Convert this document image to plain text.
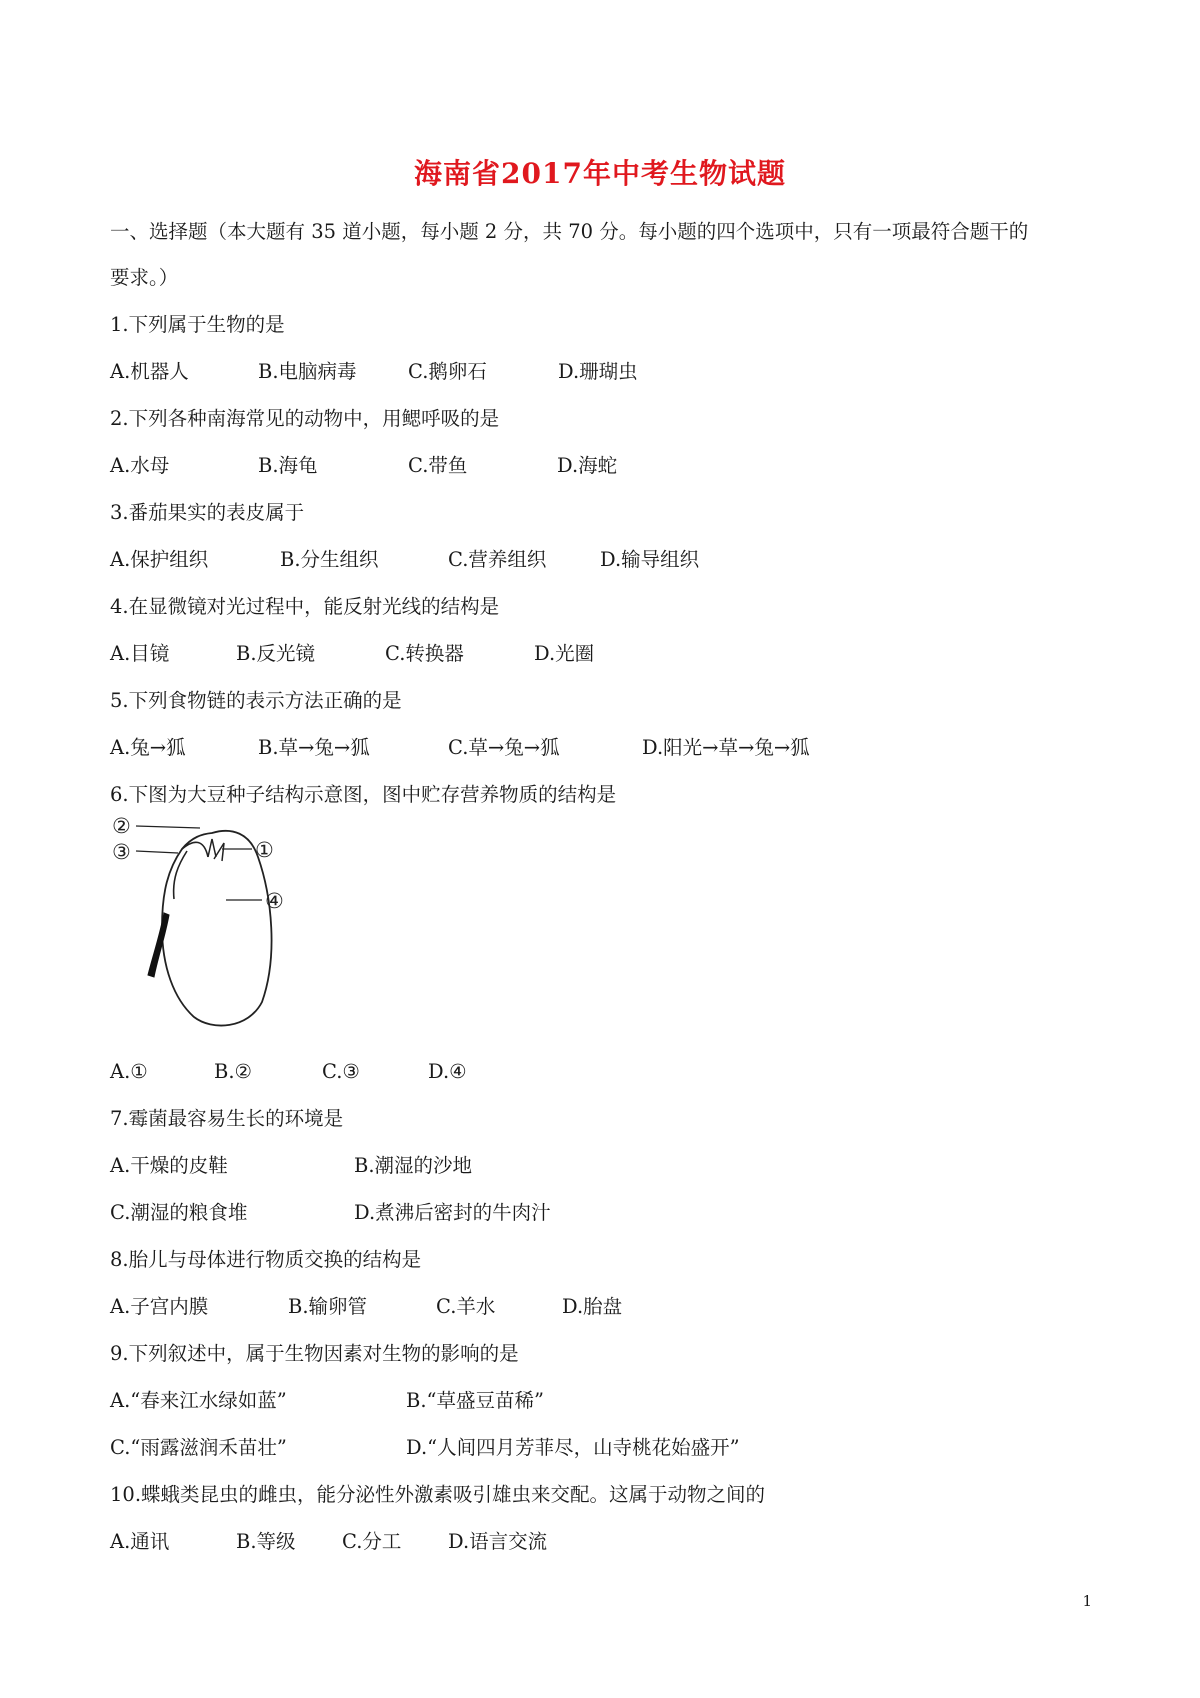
海南省2017年中考生物试题
一、选择题（本大题有 35 道小题，每小题 2 分，共 70 分。每小题的四个选项中，只有一项最符合题干的
要求。）
1.下列属于生物的是
A.机器人	B.电脑病毒	C.鹅卵石	D.珊瑚虫
2.下列各种南海常见的动物中，用鳃呼吸的是
A.水母	B.海龟	C.带鱼	D.海蛇
3.番茄果实的表皮属于
A.保护组织	B.分生组织	C.营养组织	D.输导组织
4.在显微镜对光过程中，能反射光线的结构是
A.目镜	B.反光镜	C.转换器	D.光圈
5.下列食物链的表示方法正确的是
A.兔→狐	B.草→兔→狐	C.草→兔→狐	D.阳光→草→兔→狐
6.下图为大豆种子结构示意图，图中贮存营养物质的结构是
②
③	①
④
A.①	B.②	C.③	D.④
7.霉菌最容易生长的环境是
A.干燥的皮鞋	B.潮湿的沙地
C.潮湿的粮食堆	D.煮沸后密封的牛肉汁
8.胎儿与母体进行物质交换的结构是
A.子宫内膜	B.输卵管	C.羊水	D.胎盘
9.下列叙述中，属于生物因素对生物的影响的是
A.“春来江水绿如蓝”	B.“草盛豆苗稀”
C.“雨露滋润禾苗壮”	D.“人间四月芳菲尽，山寺桃花始盛开”
10.蝶蛾类昆虫的雌虫，能分泌性外激素吸引雄虫来交配。这属于动物之间的
A.通讯	B.等级 C.分工 D.语言交流
1
